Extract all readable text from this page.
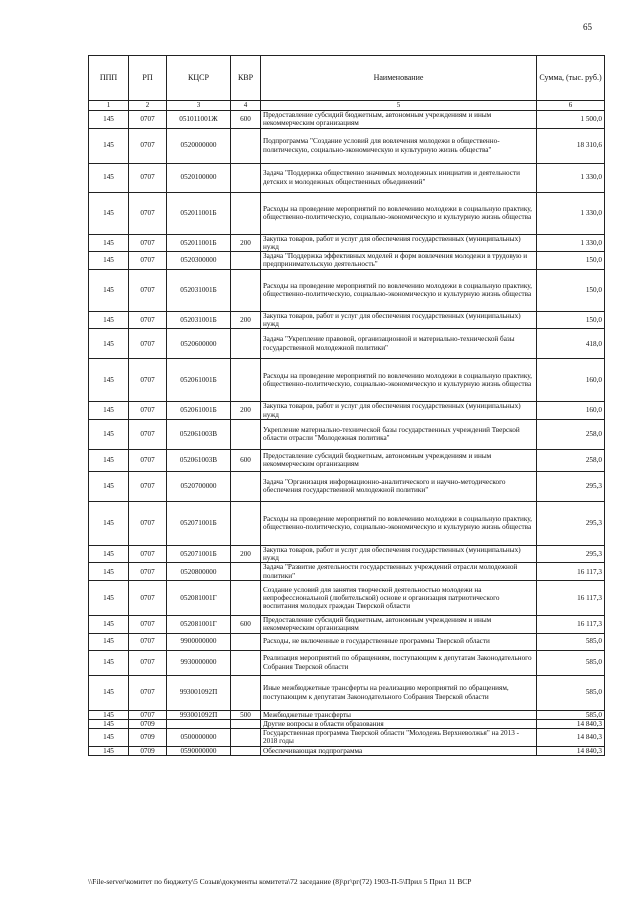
65
ППП	РП	КЦСР	КВР	Наименование	Сумма, (тыс. руб.)
1	2	3	4	5	6
145	0707	051011001Ж	600	Предоставление субсидий бюджетным, автономным учреждениям и иным некоммерческим организациям	1 500,0
145	0707	0520000000		Подпрограмма "Создание условий для вовлечения молодежи в общественно-политическую, социально-экономическую и культурную жизнь общества"	18 310,6
145	0707	0520100000		Задача "Поддержка общественно значимых молодежных инициатив и деятельности детских и молодежных общественных объединений"	1 330,0
145	0707	052011001Б		Расходы на проведение мероприятий по вовлечению молодежи в социальную практику, общественно-политическую, социально-экономическую и культурную жизнь общества	1 330,0
145	0707	052011001Б	200	Закупка товаров, работ и услуг для обеспечения государственных (муниципальных) нужд	1 330,0
145	0707	0520300000		Задача "Поддержка эффективных моделей и форм вовлечения молодежи в трудовую и предпринимательскую деятельность"	150,0
145	0707	052031001Б		Расходы на проведение мероприятий по вовлечению молодежи в социальную практику, общественно-политическую, социально-экономическую и культурную жизнь общества	150,0
145	0707	052031001Б	200	Закупка товаров, работ и услуг для обеспечения государственных (муниципальных) нужд	150,0
145	0707	0520600000		Задача "Укрепление правовой, организационной и материально-технической базы государственной молодежной политики"	418,0
145	0707	052061001Б		Расходы на проведение мероприятий по вовлечению молодежи в социальную практику, общественно-политическую, социально-экономическую и культурную жизнь общества	160,0
145	0707	052061001Б	200	Закупка товаров, работ и услуг для обеспечения государственных (муниципальных) нужд	160,0
145	0707	052061003В		Укрепление материально-технической базы государственных учреждений Тверской области отрасли "Молодежная политика"	258,0
145	0707	052061003В	600	Предоставление субсидий бюджетным, автономным учреждениям и иным некоммерческим организациям	258,0
145	0707	0520700000		Задача "Организация информационно-аналитического и научно-методического обеспечения государственной молодежной политики"	295,3
145	0707	052071001Б		Расходы на проведение мероприятий по вовлечению молодежи в социальную практику, общественно-политическую, социально-экономическую и культурную жизнь общества	295,3
145	0707	052071001Б	200	Закупка товаров, работ и услуг для обеспечения государственных (муниципальных) нужд	295,3
145	0707	0520800000		Задача "Развитие деятельности государственных учреждений отрасли молодежной политики"	16 117,3
145	0707	052081001Г		Создание условий для занятия творческой деятельностью молодежи на непрофессиональной (любительской) основе и организация патриотического воспитания молодых граждан Тверской области	16 117,3
145	0707	052081001Г	600	Предоставление субсидий бюджетным, автономным учреждениям и иным некоммерческим организациям	16 117,3
145	0707	9900000000		Расходы, не включенные в государственные программы Тверской области	585,0
145	0707	9930000000		Реализация мероприятий по обращениям, поступающим к депутатам Законодательного Собрания Тверской области	585,0
145	0707	993001092П		Иные межбюджетные трансферты на реализацию мероприятий по обращениям, поступающим к депутатам Законодательного Собрания Тверской области	585,0
145	0707	993001092П	500	Межбюджетные трансферты	585,0
145	0709			Другие вопросы в области образования	14 840,3
145	0709	0500000000		Государственная программа Тверской области "Молодежь Верхневолжья" на 2013 - 2018 годы	14 840,3
145	0709	0590000000		Обеспечивающая подпрограмма	14 840,3
\\File-server\комитет по бюджету\5 Созыв\документы комитета\72 заседание (8)\рг\рг(72) 1903-П-5\Прил 5 Прил 11 ВСР
